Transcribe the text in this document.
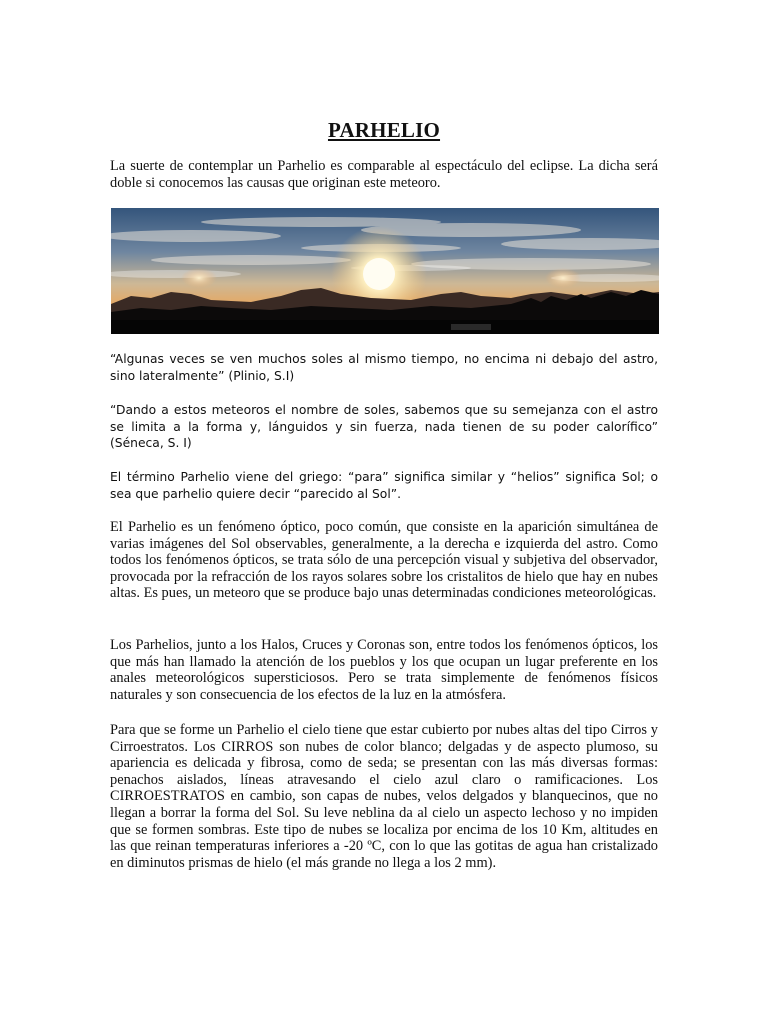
PARHELIO

La suerte de contemplar un Parhelio es comparable al espectáculo del eclipse. La dicha será doble si conocemos las causas que originan este meteoro.

“Algunas veces se ven muchos soles al mismo tiempo, no encima ni debajo del astro, sino lateralmente” (Plinio, S.I)

“Dando a estos meteoros el nombre de soles, sabemos que su semejanza con el astro se limita a la forma y, lánguidos y sin fuerza, nada tienen de su poder calorífico” (Séneca, S. I)

El término Parhelio viene del griego: “para” significa similar y “helios” significa Sol; o sea que parhelio quiere decir “parecido al Sol”.

El Parhelio es un fenómeno óptico, poco común, que consiste en la aparición simultánea de varias imágenes del Sol observables, generalmente, a la derecha e izquierda del astro. Como todos los fenómenos ópticos, se trata sólo de una percepción visual y subjetiva del observador, provocada por la refracción de los rayos solares sobre los cristalitos de hielo que hay en nubes altas. Es pues, un meteoro que se produce bajo unas determinadas condiciones meteorológicas.

Los Parhelios, junto a los Halos, Cruces y Coronas son, entre todos los fenómenos ópticos, los que más han llamado la atención de los pueblos y los que ocupan un lugar preferente en los anales meteorológicos supersticiosos. Pero se trata simplemente de fenómenos físicos naturales y son consecuencia de los efectos de la luz en la atmósfera.

Para que se forme un Parhelio el cielo tiene que estar cubierto por nubes altas del tipo Cirros y Cirroestratos. Los CIRROS son nubes de color blanco; delgadas y de aspecto plumoso, su apariencia es delicada y fibrosa, como de seda; se presentan con las más diversas formas: penachos aislados, líneas atravesando el cielo azul claro o ramificaciones. Los CIRROESTRATOS en cambio, son capas de nubes, velos delgados y blanquecinos, que no llegan a borrar la forma del Sol. Su leve neblina da al cielo un aspecto lechoso y no impiden que se formen sombras. Este tipo de nubes se localiza por encima de los 10 Km, altitudes en las que reinan temperaturas inferiores a -20 ºC, con lo que las gotitas de agua han cristalizado en diminutos prismas de hielo (el más grande no llega a los 2 mm).
